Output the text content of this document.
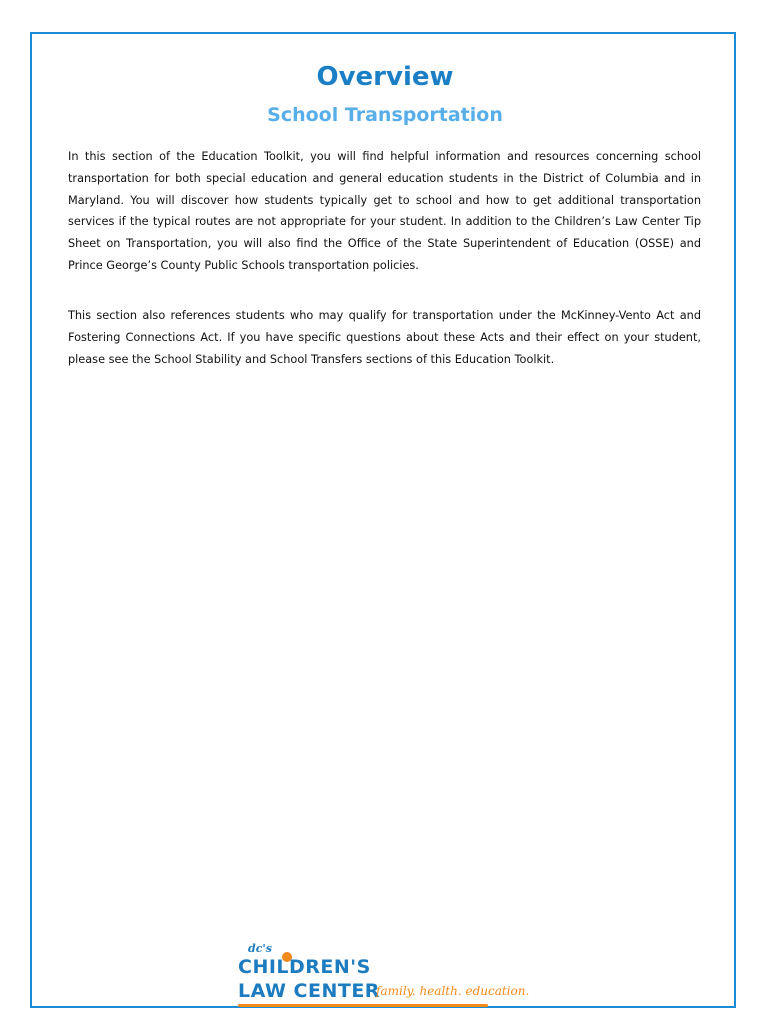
Overview
School Transportation

In this section of the Education Toolkit, you will find helpful information and resources concerning school transportation for both special education and general education students in the District of Columbia and in Maryland. You will discover how students typically get to school and how to get additional transportation services if the typical routes are not appropriate for your student. In addition to the Children’s Law Center Tip Sheet on Transportation, you will also find the Office of the State Superintendent of Education (OSSE) and Prince George’s County Public Schools transportation policies.

This section also references students who may qualify for transportation under the McKinney-Vento Act and Fostering Connections Act. If you have specific questions about these Acts and their effect on your student, please see the School Stability and School Transfers sections of this Education Toolkit.

dc's
CHILDREN'S
LAW CENTER
family. health. education.
